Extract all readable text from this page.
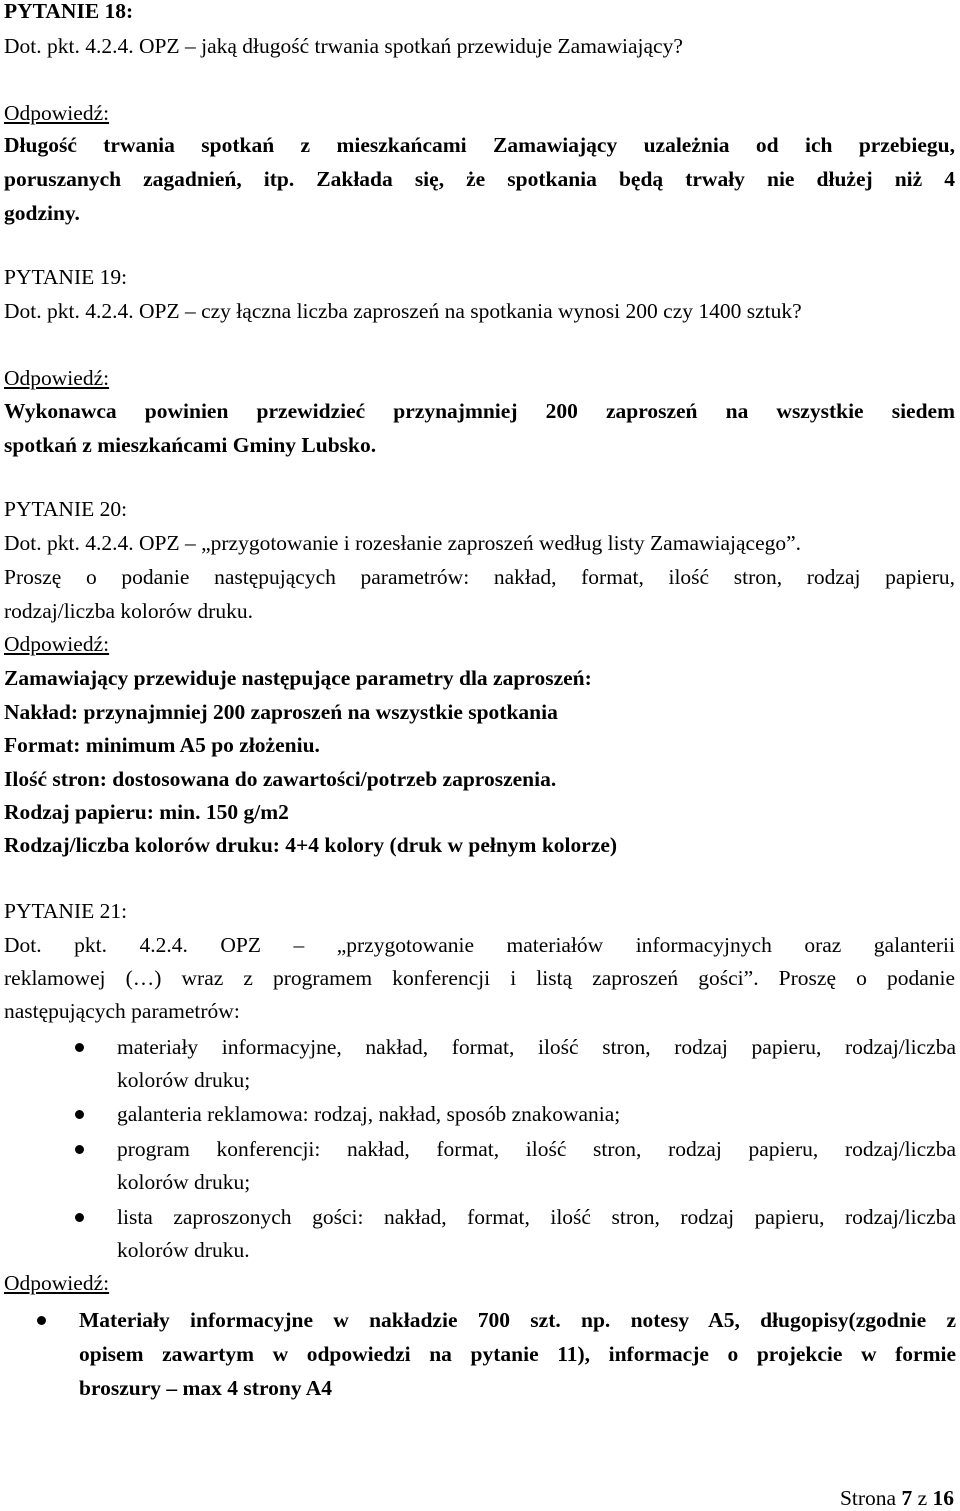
PYTANIE 18:
Dot. pkt. 4.2.4. OPZ – jaką długość trwania spotkań przewiduje Zamawiający?
Odpowiedź:
Długość trwania spotkań z mieszkańcami Zamawiający uzależnia od ich przebiegu,
poruszanych zagadnień, itp. Zakłada się, że spotkania będą trwały nie dłużej niż 4
godziny.
PYTANIE 19:
Dot. pkt. 4.2.4. OPZ – czy łączna liczba zaproszeń na spotkania wynosi 200 czy 1400 sztuk?
Odpowiedź:
Wykonawca powinien przewidzieć przynajmniej 200 zaproszeń na wszystkie siedem
spotkań z mieszkańcami Gminy Lubsko.
PYTANIE 20:
Dot. pkt. 4.2.4. OPZ – „przygotowanie i rozesłanie zaproszeń według listy Zamawiającego”.
Proszę o podanie następujących parametrów: nakład, format, ilość stron, rodzaj papieru,
rodzaj/liczba kolorów druku.
Odpowiedź:
Zamawiający przewiduje następujące parametry dla zaproszeń:
Nakład: przynajmniej 200 zaproszeń na wszystkie spotkania
Format: minimum A5 po złożeniu.
Ilość stron: dostosowana do zawartości/potrzeb zaproszenia.
Rodzaj papieru: min. 150 g/m2
Rodzaj/liczba kolorów druku: 4+4 kolory (druk w pełnym kolorze)
PYTANIE 21:
Dot. pkt. 4.2.4. OPZ – „przygotowanie materiałów informacyjnych oraz galanterii
reklamowej (…) wraz z programem konferencji i listą zaproszeń gości”. Proszę o podanie
następujących parametrów:
materiały informacyjne, nakład, format, ilość stron, rodzaj papieru, rodzaj/liczba
kolorów druku;
galanteria reklamowa: rodzaj, nakład, sposób znakowania;
program konferencji: nakład, format, ilość stron, rodzaj papieru, rodzaj/liczba
kolorów druku;
lista zaproszonych gości: nakład, format, ilość stron, rodzaj papieru, rodzaj/liczba
kolorów druku.
Odpowiedź:
Materiały informacyjne w nakładzie 700 szt. np. notesy A5, długopisy(zgodnie z
opisem zawartym w odpowiedzi na pytanie 11), informacje o projekcie w formie
broszury – max 4 strony A4
Strona 7 z 16
